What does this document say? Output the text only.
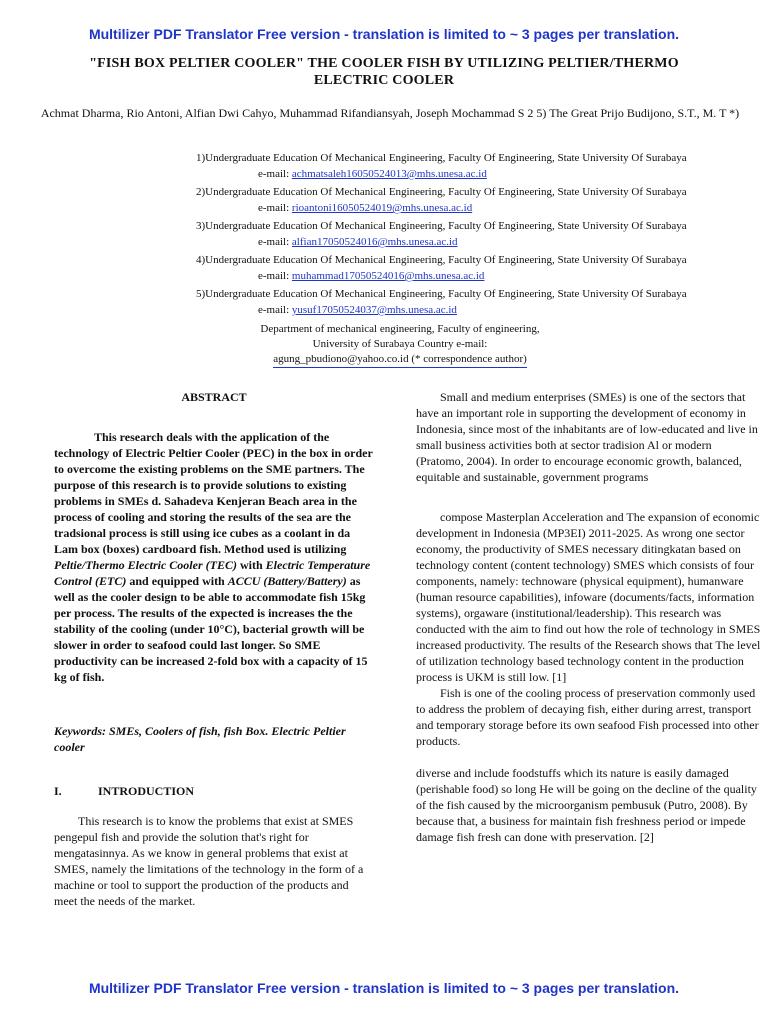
Multilizer PDF Translator Free version - translation is limited to ~ 3 pages per translation.
"FISH BOX PELTIER COOLER" THE COOLER FISH BY UTILIZING PELTIER/THERMO ELECTRIC COOLER
Achmat Dharma, Rio Antoni, Alfian Dwi Cahyo, Muhammad Rifandiansyah, Joseph Mochammad S 2 5) The Great Prijo Budijono, S.T., M. T *)
1)Undergraduate Education Of Mechanical Engineering, Faculty Of Engineering, State University Of Surabaya
e-mail: achmatsaleh16050524013@mhs.unesa.ac.id
2)Undergraduate Education Of Mechanical Engineering, Faculty Of Engineering, State University Of Surabaya
e-mail: rioantoni16050524019@mhs.unesa.ac.id
3)Undergraduate Education Of Mechanical Engineering, Faculty Of Engineering, State University Of Surabaya
e-mail: alfian17050524016@mhs.unesa.ac.id
4)Undergraduate Education Of Mechanical Engineering, Faculty Of Engineering, State University Of Surabaya
e-mail: muhammad17050524016@mhs.unesa.ac.id
5)Undergraduate Education Of Mechanical Engineering, Faculty Of Engineering, State University Of Surabaya
e-mail: yusuf17050524037@mhs.unesa.ac.id
Department of mechanical engineering, Faculty of engineering,
University of Surabaya Country e-mail:
agung_pbudiono@yahoo.co.id (* correspondence author)
ABSTRACT

This research deals with the application of the technology of Electric Peltier Cooler (PEC) in the box in order to overcome the existing problems on the SME partners. The purpose of this research is to provide solutions to existing problems in SMEs d. Sahadeva Kenjeran Beach area in the process of cooling and storing the results of the sea are the tradsional process is still using ice cubes as a coolant in da Lam box (boxes) cardboard fish. Method used is utilizing Peltie/Thermo Electric Cooler (TEC) with Electric Temperature Control (ETC) and equipped with ACCU (Battery/Battery) as well as the cooler design to be able to accommodate fish 15kg per process. The results of the expected is increases the the stability of the cooling (under 10°C), bacterial growth will be slower in order to seafood could last longer. So SME productivity can be increased 2-fold box with a capacity of 15 kg of fish.

Keywords: SMEs, Coolers of fish, fish Box. Electric Peltier cooler
I.	INTRODUCTION

This research is to know the problems that exist at SMES pengepul fish and provide the solution that's right for mengatasinnya. As we know in general problems that exist at SMES, namely the limitations of the technology in the form of a machine or tool to support the production of the products and meet the needs of the market.

Small and medium enterprises (SMEs) is one of the sectors that have an important role in supporting the development of economy in Indonesia, since most of the inhabitants are of low-educated and live in small business activities both at sector tradision Al or modern (Pratomo, 2004). In order to encourage economic growth, balanced, equitable and sustainable, government programs

compose Masterplan Acceleration and The expansion of economic development in Indonesia (MP3EI) 2011-2025. As wrong one sector economy, the productivity of SMES necessary ditingkatan based on technology content (content technology) SMES which consists of four components, namely: technoware (physical equipment), humanware (human resource capabilities), infoware (documents/facts, information systems), orgaware (institutional/leadership). This research was conducted with the aim to find out how the role of technology in SMES increased productivity. The results of the Research shows that The level of utilization technology based technology content in the production process is UKM is still low. [1]

Fish is one of the cooling process of preservation commonly used to address the problem of decaying fish, either during arrest, transport and temporary storage before its own seafood Fish processed into other products.

diverse and include foodstuffs which its nature is easily damaged (perishable food) so long He will be going on the decline of the quality of the fish caused by the microorganism pembusuk (Putro, 2008). By because that, a business for maintain fish freshness period or impede damage fish fresh can done with preservation. [2]

Multilizer PDF Translator Free version - translation is limited to ~ 3 pages per translation.
